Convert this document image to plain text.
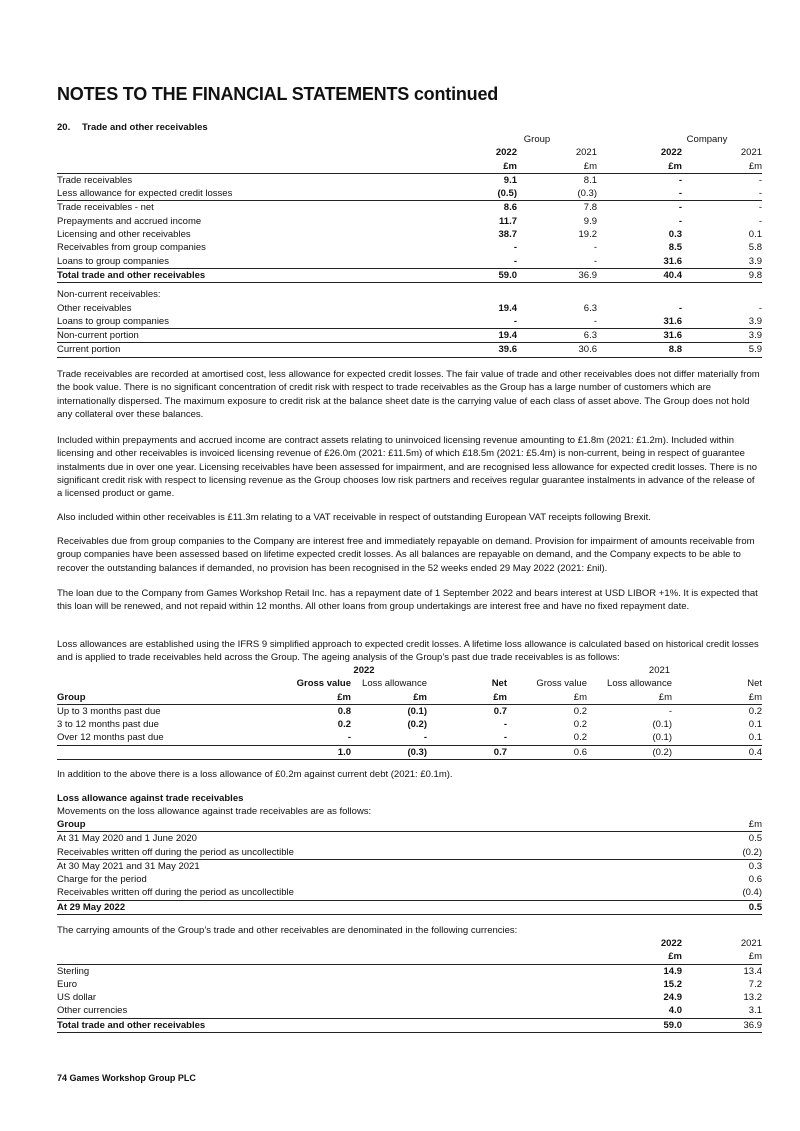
NOTES TO THE FINANCIAL STATEMENTS continued
20. Trade and other receivables
	Group		Company	
	2022	2021	2022	2021
	£m	£m	£m	£m
Trade receivables	9.1	8.1	-	-
Less allowance for expected credit losses	(0.5)	(0.3)	-	-
Trade receivables - net	8.6	7.8	-	-
Prepayments and accrued income	11.7	9.9	-	-
Licensing and other receivables	38.7	19.2	0.3	0.1
Receivables from group companies	-	-	8.5	5.8
Loans to group companies	-	-	31.6	3.9
Total trade and other receivables	59.0	36.9	40.4	9.8

Non-current receivables:				
Other receivables	19.4	6.3	-	-
Loans to group companies	-	-	31.6	3.9
Non-current portion	19.4	6.3	31.6	3.9
Current portion	39.6	30.6	8.8	5.9

Trade receivables are recorded at amortised cost, less allowance for expected credit losses. The fair value of trade and other receivables does not differ materially from the book value. There is no significant concentration of credit risk with respect to trade receivables as the Group has a large number of customers which are internationally dispersed. The maximum exposure to credit risk at the balance sheet date is the carrying value of each class of asset above. The Group does not hold any collateral over these balances.

Included within prepayments and accrued income are contract assets relating to uninvoiced licensing revenue amounting to £1.8m (2021: £1.2m). Included within licensing and other receivables is invoiced licensing revenue of £26.0m (2021: £11.5m) of which £18.5m (2021: £5.4m) is non-current, being in respect of guarantee instalments due in over one year. Licensing receivables have been assessed for impairment, and are recognised less allowance for expected credit losses. There is no significant credit risk with respect to licensing revenue as the Group chooses low risk partners and receives regular guarantee instalments in advance of the release of a licensed product or game.

Also included within other receivables is £11.3m relating to a VAT receivable in respect of outstanding European VAT receipts following Brexit.

Receivables due from group companies to the Company are interest free and immediately repayable on demand. Provision for impairment of amounts receivable from group companies have been assessed based on lifetime expected credit losses. As all balances are repayable on demand, and the Company expects to be able to recover the outstanding balances if demanded, no provision has been recognised in the 52 weeks ended 29 May 2022 (2021: £nil).

The loan due to the Company from Games Workshop Retail Inc. has a repayment date of 1 September 2022 and bears interest at USD LIBOR +1%. It is expected that this loan will be renewed, and not repaid within 12 months. All other loans from group undertakings are interest free and have no fixed repayment date.

Loss allowances are established using the IFRS 9 simplified approach to expected credit losses. A lifetime loss allowance is calculated based on historical credit losses and is applied to trade receivables held across the Group. The ageing analysis of the Group’s past due trade receivables is as follows:

		2022			2021	
	Gross value	Loss allowance	Net	Gross value	Loss allowance	Net
Group	£m	£m	£m	£m	£m	£m
Up to 3 months past due	0.8	(0.1)	0.7	0.2	-	0.2
3 to 12 months past due	0.2	(0.2)	-	0.2	(0.1)	0.1
Over 12 months past due	-	-	-	0.2	(0.1)	0.1
	1.0	(0.3)	0.7	0.6	(0.2)	0.4

In addition to the above there is a loss allowance of £0.2m against current debt (2021: £0.1m).

Loss allowance against trade receivables
Movements on the loss allowance against trade receivables are as follows:
Group	£m
At 31 May 2020 and 1 June 2020	0.5
Receivables written off during the period as uncollectible	(0.2)
At 30 May 2021 and 31 May 2021	0.3
Charge for the period	0.6
Receivables written off during the period as uncollectible	(0.4)
At 29 May 2022	0.5

The carrying amounts of the Group’s trade and other receivables are denominated in the following currencies:

	2022	2021
	£m	£m
Sterling	14.9	13.4
Euro	15.2	7.2
US dollar	24.9	13.2
Other currencies	4.0	3.1
Total trade and other receivables	59.0	36.9
74 Games Workshop Group PLC
